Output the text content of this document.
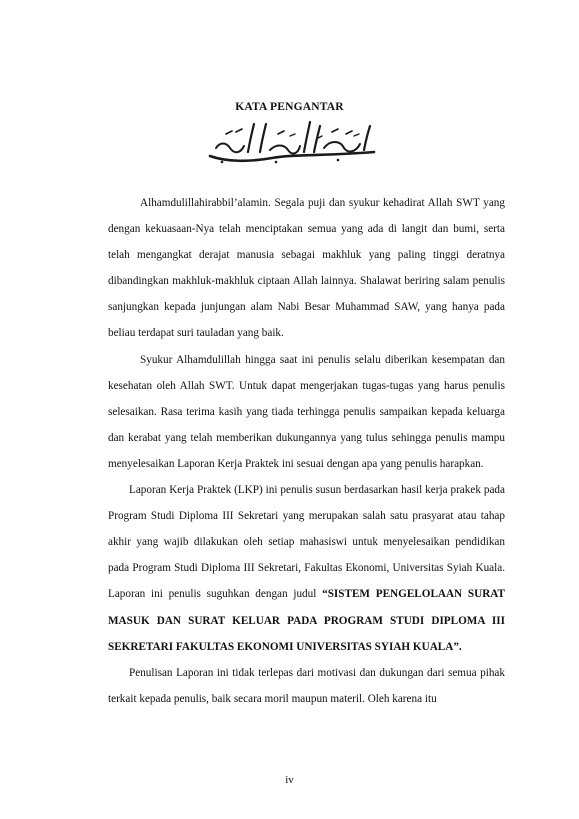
KATA PENGANTAR

Alhamdulillahirabbil’alamin. Segala puji dan syukur kehadirat Allah SWT yang dengan kekuasaan-Nya telah menciptakan semua yang ada di langit dan bumi, serta telah mengangkat derajat manusia sebagai makhluk yang paling tinggi deratnya dibandingkan makhluk-makhluk ciptaan Allah lainnya. Shalawat beriring salam penulis sanjungkan kepada junjungan alam Nabi Besar Muhammad SAW, yang hanya pada beliau terdapat suri tauladan yang baik.

Syukur Alhamdulillah hingga saat ini penulis selalu diberikan kesempatan dan kesehatan oleh Allah SWT. Untuk dapat mengerjakan tugas-tugas yang harus penulis selesaikan. Rasa terima kasih yang tiada terhingga penulis sampaikan kepada keluarga dan kerabat yang telah memberikan dukungannya yang tulus sehingga penulis mampu menyelesaikan Laporan Kerja Praktek ini sesuai dengan apa yang penulis harapkan.

Laporan Kerja Praktek (LKP) ini penulis susun berdasarkan hasil kerja prakek pada Program Studi Diploma III Sekretari yang merupakan salah satu prasyarat atau tahap akhir yang wajib dilakukan oleh setiap mahasiswi untuk menyelesaikan pendidikan pada Program Studi Diploma III Sekretari, Fakultas Ekonomi, Universitas Syiah Kuala. Laporan ini penulis suguhkan dengan judul “SISTEM PENGELOLAAN SURAT MASUK DAN SURAT KELUAR PADA PROGRAM STUDI DIPLOMA III SEKRETARI FAKULTAS EKONOMI UNIVERSITAS SYIAH KUALA”.

Penulisan Laporan ini tidak terlepas dari motivasi dan dukungan dari semua pihak terkait kepada penulis, baik secara moril maupun materil. Oleh karena itu

iv
